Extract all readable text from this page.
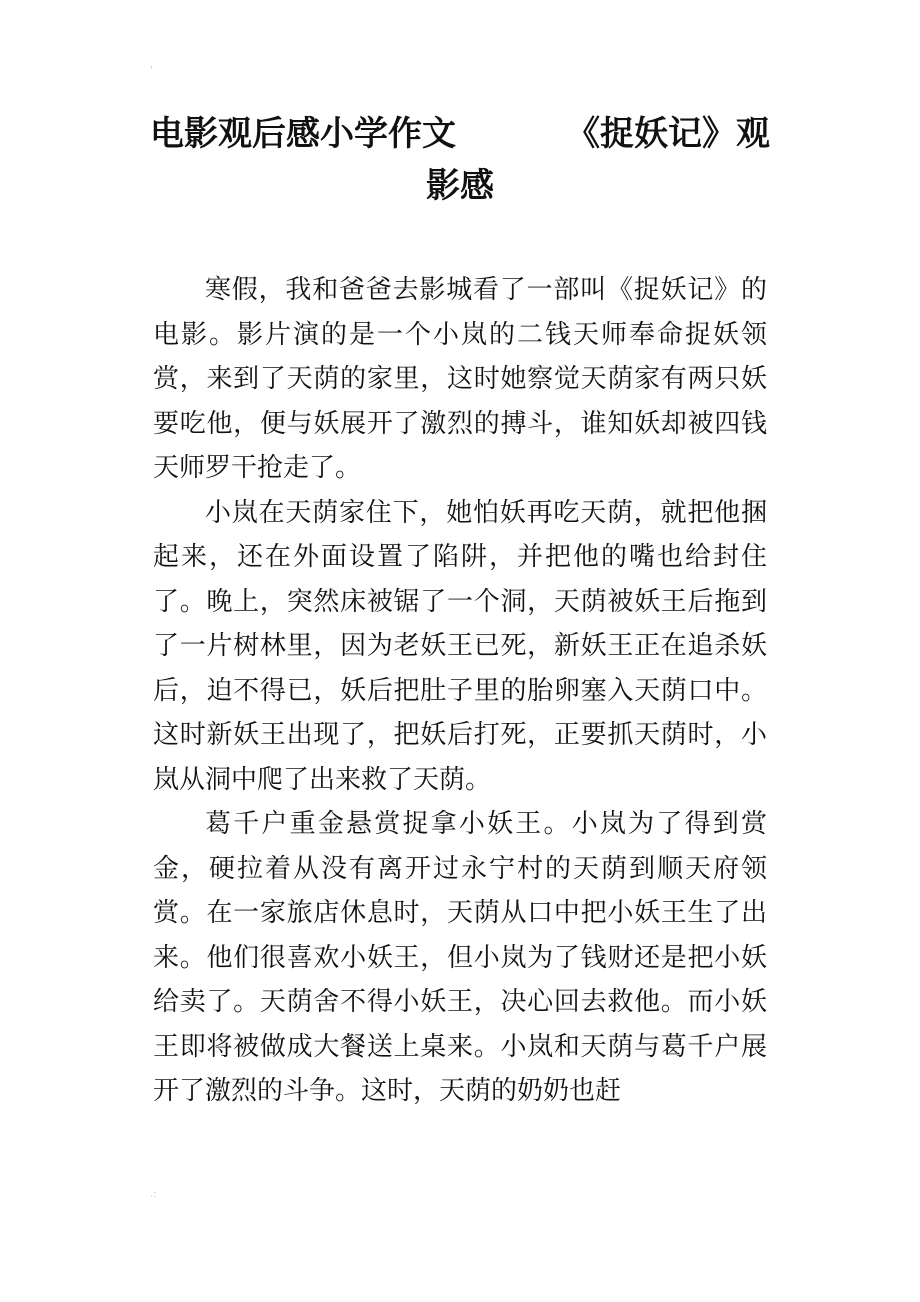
'
电影观后感小学作文	《捉妖记》观
影感

寒假，我和爸爸去影城看了一部叫《捉妖记》的电影。影片演的是一个小岚的二钱天师奉命捉妖领赏，来到了天荫的家里，这时她察觉天荫家有两只妖要吃他，便与妖展开了激烈的搏斗，谁知妖却被四钱天师罗干抢走了。

小岚在天荫家住下，她怕妖再吃天荫，就把他捆起来，还在外面设置了陷阱，并把他的嘴也给封住了。晚上，突然床被锯了一个洞，天荫被妖王后拖到了一片树林里，因为老妖王已死，新妖王正在追杀妖后，迫不得已，妖后把肚子里的胎卵塞入天荫口中。这时新妖王出现了，把妖后打死，正要抓天荫时，小岚从洞中爬了出来救了天荫。

葛千户重金悬赏捉拿小妖王。小岚为了得到赏金，硬拉着从没有离开过永宁村的天荫到顺天府领赏。在一家旅店休息时，天荫从口中把小妖王生了出来。他们很喜欢小妖王，但小岚为了钱财还是把小妖给卖了。天荫舍不得小妖王，决心回去救他。而小妖王即将被做成大餐送上桌来。小岚和天荫与葛千户展开了激烈的斗争。这时，天荫的奶奶也赶

.:
